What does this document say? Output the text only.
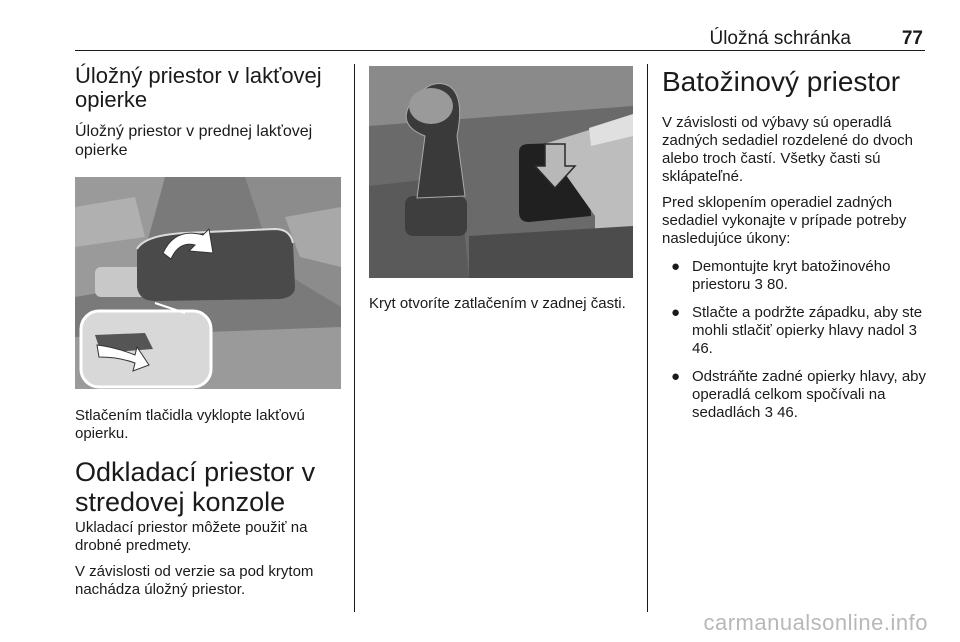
Úložná schránka	77
Úložný priestor v lakťovej opierke
Úložný priestor v prednej lakťovej opierke

Stlačením tlačidla vyklopte lakťovú opierku.

Odkladací priestor v stredovej konzole

Ukladací priestor môžete použiť na drobné predmety.

V závislosti od verzie sa pod krytom nachádza úložný priestor.

Kryt otvoríte zatlačením v zadnej časti.

Batožinový priestor

V závislosti od výbavy sú operadlá zadných sedadiel rozdelené do dvoch alebo troch častí. Všetky časti sú sklápateľné.

Pred sklopením operadiel zadných sedadiel vykonajte v prípade potreby nasledujúce úkony:

● Demontujte kryt batožinového priestoru 3 80.
● Stlačte a podržte západku, aby ste mohli stlačiť opierky hlavy nadol 3 46.
● Odstráňte zadné opierky hlavy, aby operadlá celkom spočívali na sedadlách 3 46.
carmanualsonline.info
